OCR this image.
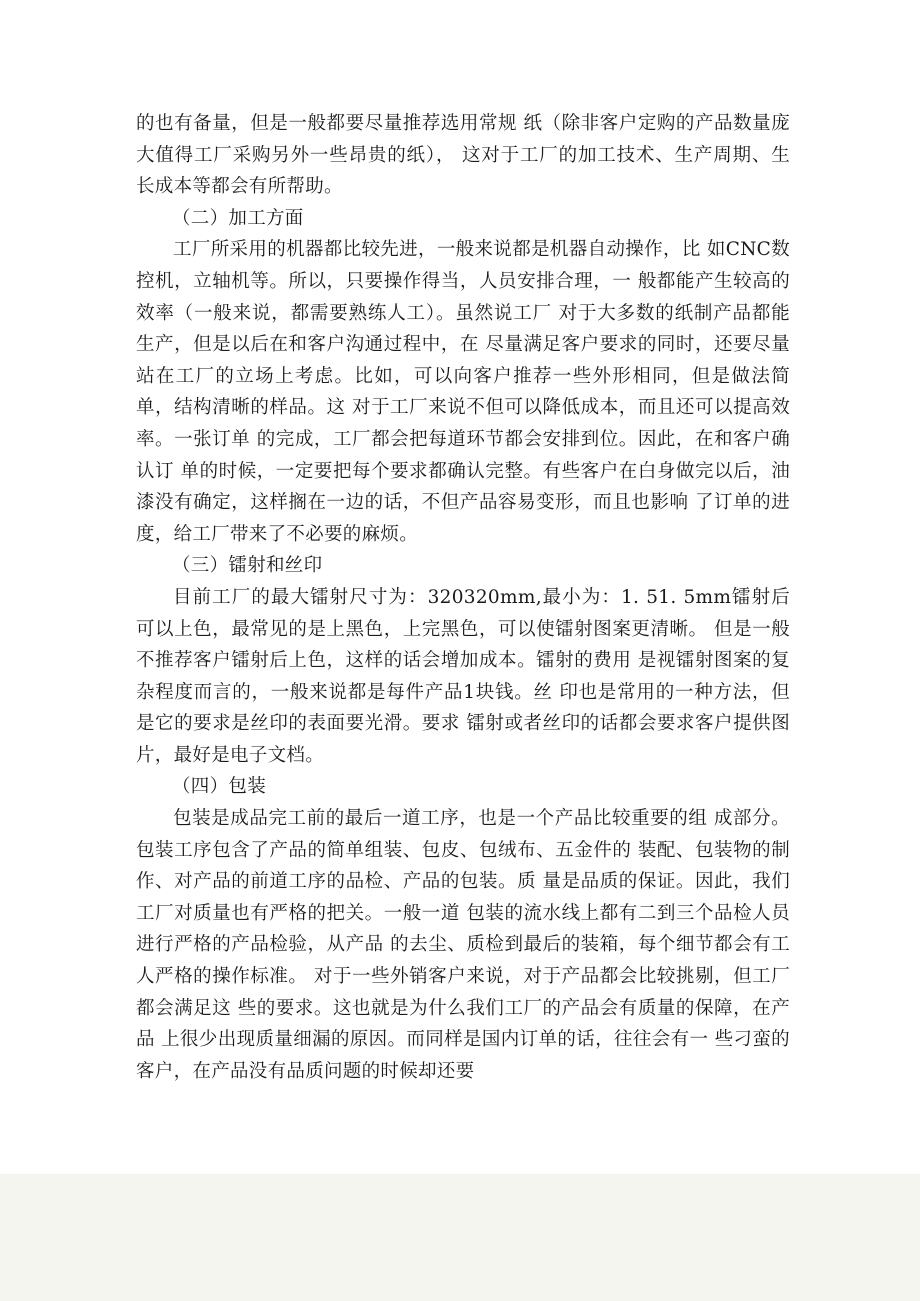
的也有备量，但是一般都要尽量推荐选用常规 纸（除非客户定购的产品数量庞大值得工厂采购另外一些昂贵的纸）， 这对于工厂的加工技术、生产周期、生长成本等都会有所帮助。

（二）加工方面

工厂所采用的机器都比较先进，一般来说都是机器自动操作，比 如CNC数控机，立轴机等。所以，只要操作得当，人员安排合理，一 般都能产生较高的效率（一般来说，都需要熟练人工）。虽然说工厂 对于大多数的纸制产品都能生产，但是以后在和客户沟通过程中，在 尽量满足客户要求的同时，还要尽量站在工厂的立场上考虑。比如，可以向客户推荐一些外形相同，但是做法简单，结构清晰的样品。这 对于工厂来说不但可以降低成本，而且还可以提高效率。一张订单 的完成，工厂都会把每道环节都会安排到位。因此，在和客户确认订 单的时候，一定要把每个要求都确认完整。有些客户在白身做完以后，油漆没有确定，这样搁在一边的话，不但产品容易变形，而且也影响 了订单的进度，给工厂带来了不必要的麻烦。

（三）镭射和丝印

目前工厂的最大镭射尺寸为：320320mm,最小为：1. 51. 5mm镭射后可以上色，最常见的是上黑色，上完黑色，可以使镭射图案更清晰。 但是一般不推荐客户镭射后上色，这样的话会增加成本。镭射的费用 是视镭射图案的复杂程度而言的，一般来说都是每件产品1块钱。丝 印也是常用的一种方法，但是它的要求是丝印的表面要光滑。要求 镭射或者丝印的话都会要求客户提供图片，最好是电子文档。

（四）包装

包装是成品完工前的最后一道工序，也是一个产品比较重要的组 成部分。包装工序包含了产品的简单组装、包皮、包绒布、五金件的 装配、包装物的制作、对产品的前道工序的品检、产品的包装。质 量是品质的保证。因此，我们工厂对质量也有严格的把关。一般一道 包装的流水线上都有二到三个品检人员进行严格的产品检验，从产品 的去尘、质检到最后的装箱，每个细节都会有工人严格的操作标准。 对于一些外销客户来说，对于产品都会比较挑剔，但工厂都会满足这 些的要求。这也就是为什么我们工厂的产品会有质量的保障，在产品 上很少出现质量细漏的原因。而同样是国内订单的话，往往会有一 些刁蛮的客户，在产品没有品质问题的时候却还要
